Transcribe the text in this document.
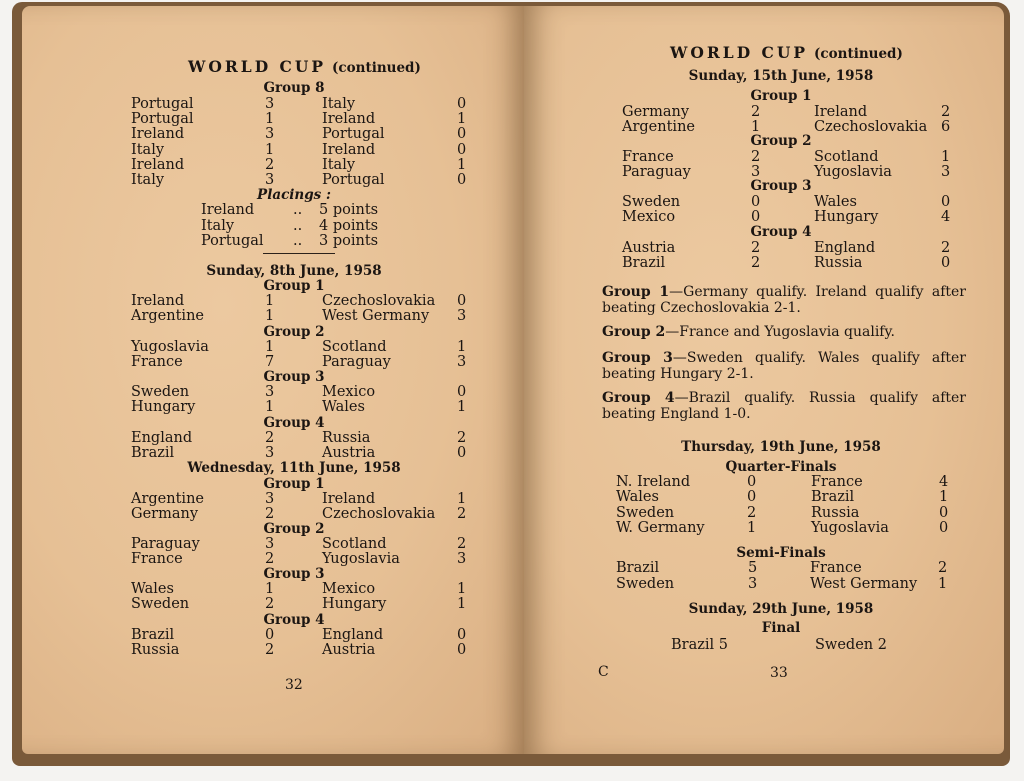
WORLD CUP (continued)
Group 8
Portugal	3	Italy	0
Portugal	1	Ireland	1
Ireland	3	Portugal	0
Italy	1	Ireland	0
Ireland	2	Italy	1
Italy	3	Portugal	0
Placings :
Ireland	.. 5 points
Italy	.. 4 points
Portugal .. 3 points
Sunday, 8th June, 1958
Group 1
Ireland	1	Czechoslovakia 0
Argentine	1	West Germany 3
Group 2
Yugoslavia	1	Scotland	1
France	7	Paraguay	3
Group 3
Sweden	3	Mexico	0
Hungary	1	Wales	1
Group 4
England	2	Russia	2
Brazil	3	Austria	0
Wednesday, 11th June, 1958
Group 1
Argentine	3	Ireland	1
Germany	2	Czechoslovakia 2
Group 2
Paraguay	3	Scotland	2
France	2	Yugoslavia	3
Group 3
Wales	1	Mexico	1
Sweden	2	Hungary	1
Group 4
Brazil	0	England	0
Russia	2	Austria	0
32
WORLD CUP (continued)
Sunday, 15th June, 1958
Group 1
Germany	2	Ireland	2
Argentine	1	Czechoslovakia 6
Group 2
France	2	Scotland	1
Paraguay	3	Yugoslavia	3
Group 3
Sweden	0	Wales	0
Mexico	0	Hungary	4
Group 4
Austria	2	England	2
Brazil	2	Russia	0
Group 1—Germany qualify. Ireland qualify after beating Czechoslovakia 2-1.
Group 2—France and Yugoslavia qualify.
Group 3—Sweden qualify. Wales qualify after beating Hungary 2-1.
Group 4—Brazil qualify. Russia qualify after beating England 1-0.
Thursday, 19th June, 1958
Quarter-Finals
N. Ireland	0	France	4
Wales	0	Brazil	1
Sweden	2	Russia	0
W. Germany	1	Yugoslavia	0
Semi-Finals
Brazil	5	France	2
Sweden	3	West Germany 1
Sunday, 29th June, 1958
Final
Brazil 5	Sweden 2
C	33
